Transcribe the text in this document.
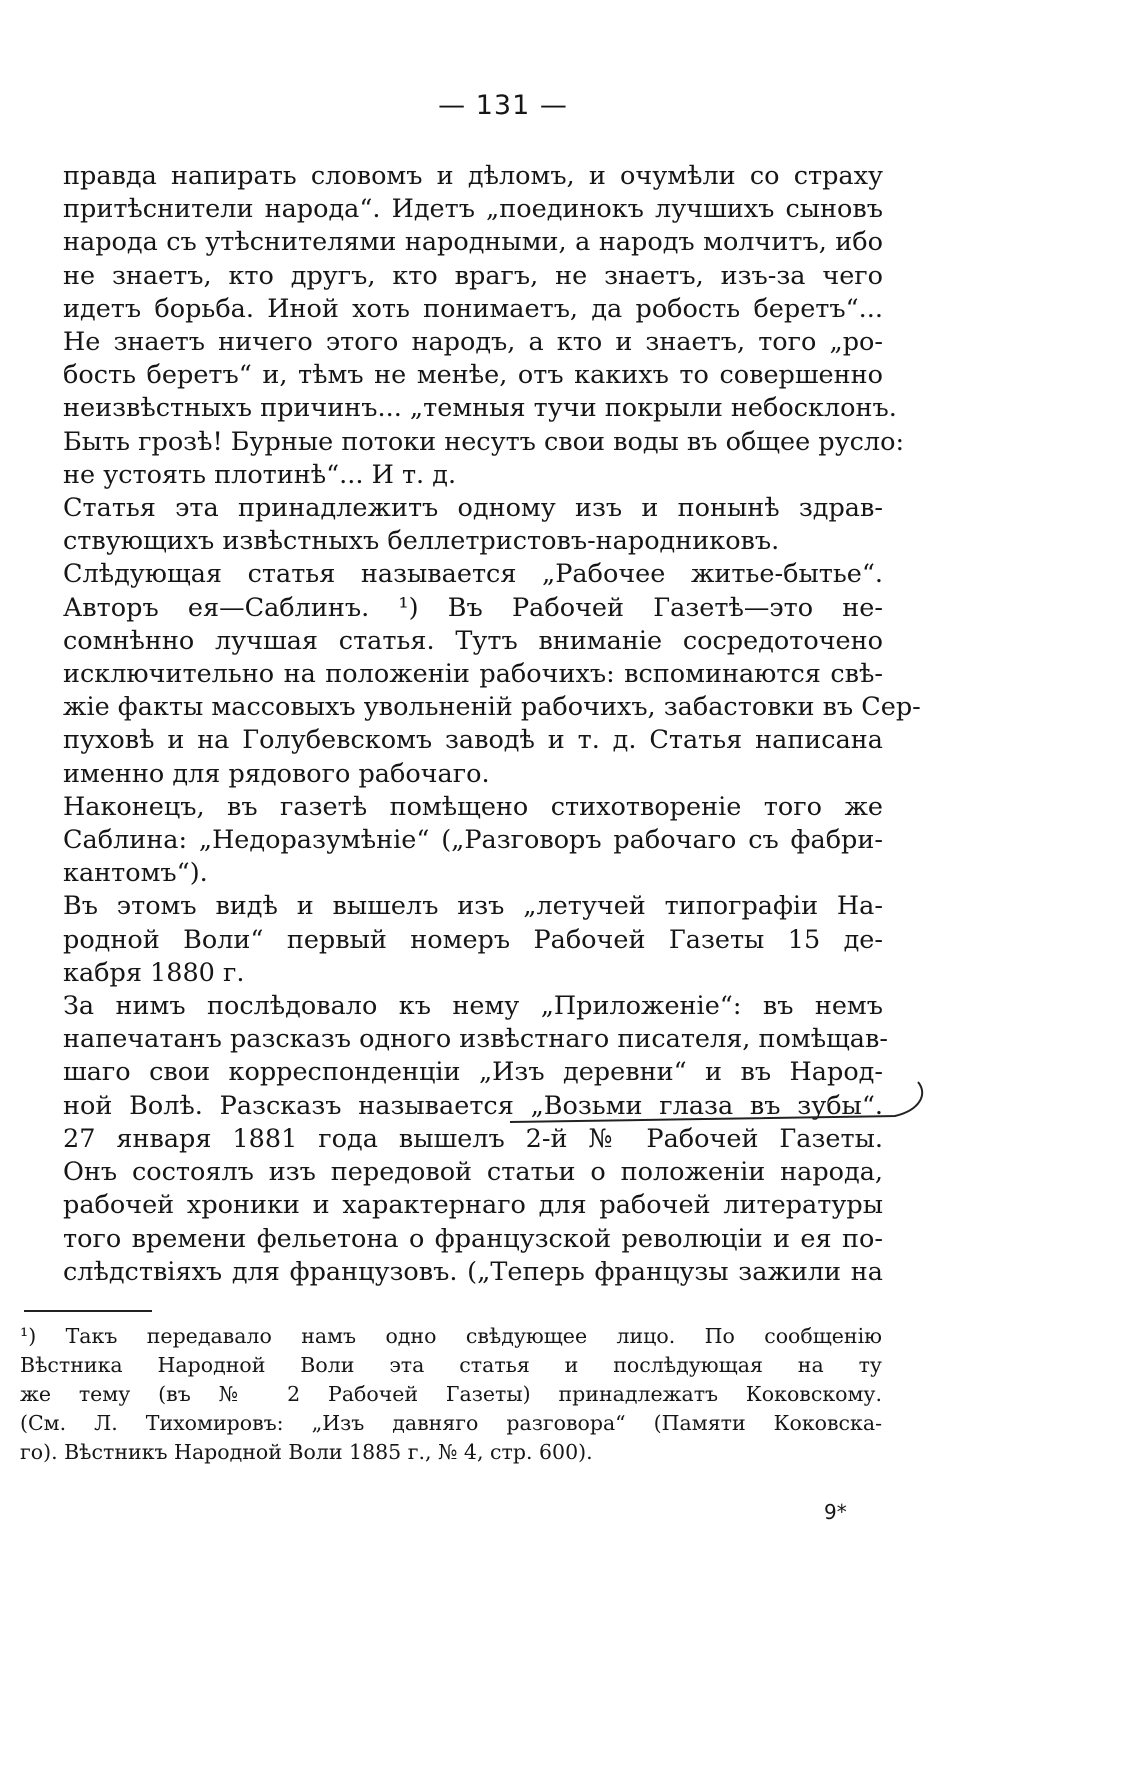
— 131 —

правда напирать словомъ и дѣломъ, и очумѣли со страху
притѣснители народа“. Идетъ „поединокъ лучшихъ сыновъ
народа съ утѣснителями народными, а народъ молчитъ, ибо
не знаетъ, кто другъ, кто врагъ, не знаетъ, изъ-за чего
идетъ борьба. Иной хоть понимаетъ, да робость беретъ“...
Не знаетъ ничего этого народъ, а кто и знаетъ, того „ро-
бость беретъ“ и, тѣмъ не менѣе, отъ какихъ то совершенно
неизвѣстныхъ причинъ... „темныя тучи покрыли небосклонъ.
Быть грозѣ! Бурные потоки несутъ свои воды въ общее русло:
не устоять плотинѣ“... И т. д.

Статья эта принадлежитъ одному изъ и понынѣ здрав-
ствующихъ извѣстныхъ беллетристовъ-народниковъ.

Слѣдующая статья называется „Рабочее житье-бытье“.
Авторъ ея—Саблинъ. ¹) Въ Рабочей Газетѣ—это не-
сомнѣнно лучшая статья. Тутъ вниманіе сосредоточено
исключительно на положеніи рабочихъ: вспоминаются свѣ-
жіе факты массовыхъ увольненій рабочихъ, забастовки въ Сер-
пуховѣ и на Голубевскомъ заводѣ и т. д. Статья написана
именно для рядового рабочаго.

Наконецъ, въ газетѣ помѣщено стихотвореніе того же
Саблина: „Недоразумѣніе“ („Разговоръ рабочаго съ фабри-
кантомъ“).

Въ этомъ видѣ и вышелъ изъ „летучей типографіи На-
родной Воли“ первый номеръ Рабочей Газеты 15 де-
кабря 1880 г.

За нимъ послѣдовало къ нему „Приложеніе“: въ немъ
напечатанъ разсказъ одного извѣстнаго писателя, помѣщав-
шаго свои корреспонденціи „Изъ деревни“ и въ Народ-
ной Волѣ. Разсказъ называется „Возьми глаза въ зубы“.

27 января 1881 года вышелъ 2-й № Рабочей Газеты.
Онъ состоялъ изъ передовой статьи о положеніи народа,
рабочей хроники и характернаго для рабочей литературы
того времени фельетона о французской революціи и ея по-
слѣдствіяхъ для французовъ. („Теперь французы зажили на

¹) Такъ передавало намъ одно свѣдующее лицо. По сообщенію
Вѣстника Народной Воли эта статья и послѣдующая на ту
же тему (въ № 2 Рабочей Газеты) принадлежатъ Коковскому.
(См. Л. Тихомировъ: „Изъ давняго разговора“ (Памяти Коковска-
го). Вѣстникъ Народной Воли 1885 г., № 4, стр. 600).
9*
